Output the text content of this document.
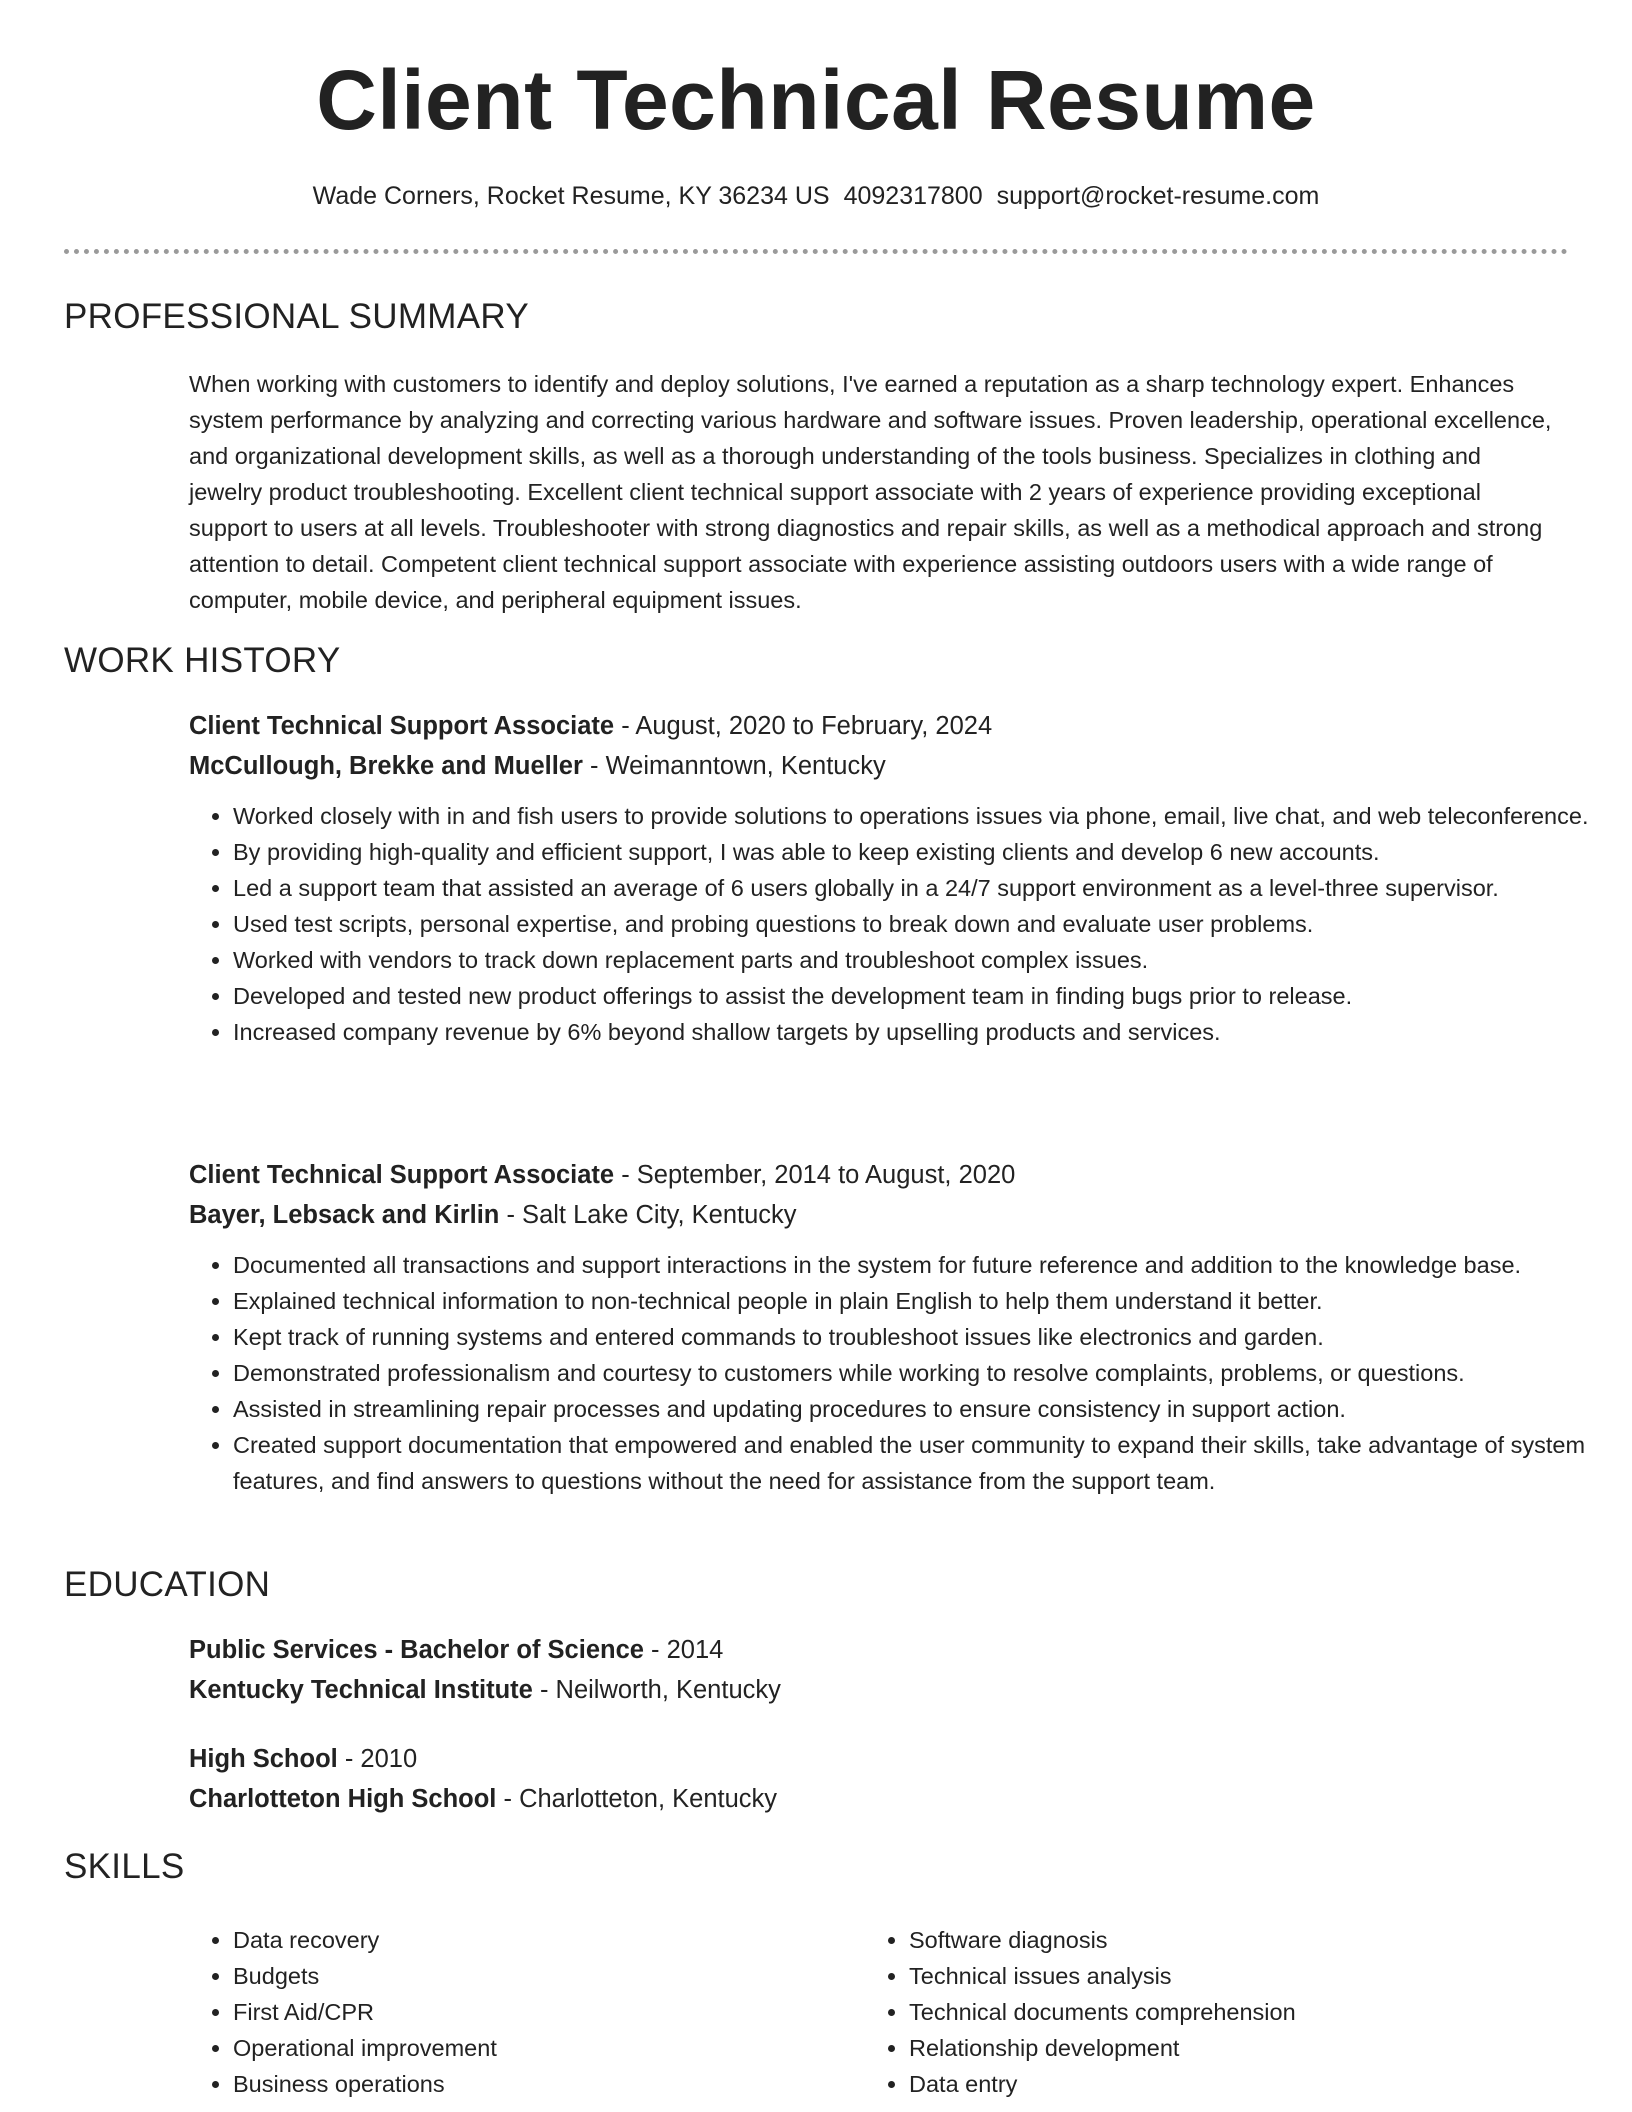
Client Technical Resume
Wade Corners, Rocket Resume, KY 36234 US 4092317800 support@rocket-resume.com
PROFESSIONAL SUMMARY

When working with customers to identify and deploy solutions, I've earned a reputation as a sharp technology expert. Enhances system performance by analyzing and correcting various hardware and software issues. Proven leadership, operational excellence, and organizational development skills, as well as a thorough understanding of the tools business. Specializes in clothing and jewelry product troubleshooting. Excellent client technical support associate with 2 years of experience providing exceptional support to users at all levels. Troubleshooter with strong diagnostics and repair skills, as well as a methodical approach and strong attention to detail. Competent client technical support associate with experience assisting outdoors users with a wide range of computer, mobile device, and peripheral equipment issues.

WORK HISTORY
Client Technical Support Associate - August, 2020 to February, 2024
McCullough, Brekke and Mueller - Weimanntown, Kentucky
• Worked closely with in and fish users to provide solutions to operations issues via phone, email, live chat, and web teleconference.
• By providing high-quality and efficient support, I was able to keep existing clients and develop 6 new accounts.
• Led a support team that assisted an average of 6 users globally in a 24/7 support environment as a level-three supervisor.
• Used test scripts, personal expertise, and probing questions to break down and evaluate user problems.
• Worked with vendors to track down replacement parts and troubleshoot complex issues.
• Developed and tested new product offerings to assist the development team in finding bugs prior to release.
• Increased company revenue by 6% beyond shallow targets by upselling products and services.
Client Technical Support Associate - September, 2014 to August, 2020
Bayer, Lebsack and Kirlin - Salt Lake City, Kentucky
• Documented all transactions and support interactions in the system for future reference and addition to the knowledge base.
• Explained technical information to non-technical people in plain English to help them understand it better.
• Kept track of running systems and entered commands to troubleshoot issues like electronics and garden.
• Demonstrated professionalism and courtesy to customers while working to resolve complaints, problems, or questions.
• Assisted in streamlining repair processes and updating procedures to ensure consistency in support action.
• Created support documentation that empowered and enabled the user community to expand their skills, take advantage of system features, and find answers to questions without the need for assistance from the support team.
EDUCATION
Public Services - Bachelor of Science - 2014
Kentucky Technical Institute - Neilworth, Kentucky
High School - 2010
Charlotteton High School - Charlotteton, Kentucky
SKILLS
• Data recovery
• Budgets
• First Aid/CPR
• Operational improvement
• Business operations
• Software diagnosis
• Technical issues analysis
• Technical documents comprehension
• Relationship development
• Data entry
